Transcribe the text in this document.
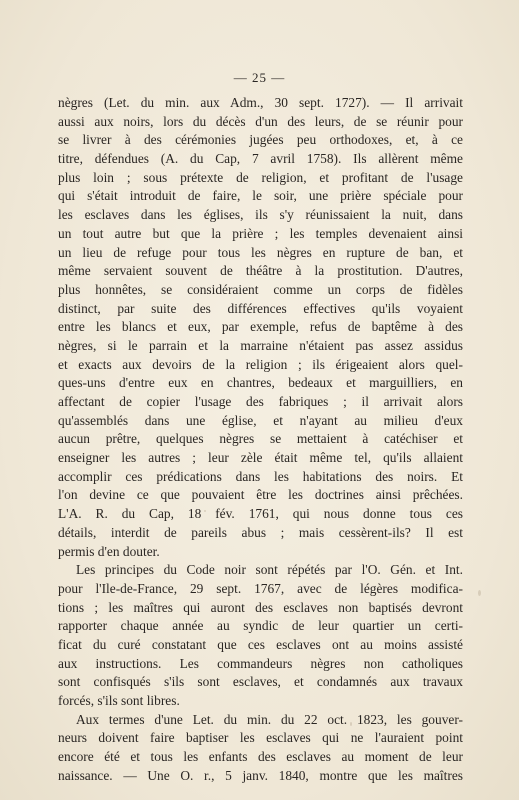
— 25 —
nègres (Let. du min. aux Adm., 30 sept. 1727). — Il arrivait
aussi aux noirs, lors du décès d'un des leurs, de se réunir pour
se livrer à des cérémonies jugées peu orthodoxes, et, à ce
titre, défendues (A. du Cap, 7 avril 1758). Ils allèrent même
plus loin ; sous prétexte de religion, et profitant de l'usage
qui s'était introduit de faire, le soir, une prière spéciale pour
les esclaves dans les églises, ils s'y réunissaient la nuit, dans
un tout autre but que la prière ; les temples devenaient ainsi
un lieu de refuge pour tous les nègres en rupture de ban, et
même servaient souvent de théâtre à la prostitution. D'autres,
plus honnêtes, se considéraient comme un corps de fidèles
distinct, par suite des différences effectives qu'ils voyaient
entre les blancs et eux, par exemple, refus de baptême à des
nègres, si le parrain et la marraine n'étaient pas assez assidus
et exacts aux devoirs de la religion ; ils érigeaient alors quel-
ques-uns d'entre eux en chantres, bedeaux et marguilliers, en
affectant de copier l'usage des fabriques ; il arrivait alors
qu'assemblés dans une église, et n'ayant au milieu d'eux
aucun prêtre, quelques nègres se mettaient à catéchiser et
enseigner les autres ; leur zèle était même tel, qu'ils allaient
accomplir ces prédications dans les habitations des noirs. Et
l'on devine ce que pouvaient être les doctrines ainsi prêchées.
L'A. R. du Cap, 18 fév. 1761, qui nous donne tous ces
détails, interdit de pareils abus ; mais cessèrent-ils? Il est
permis d'en douter.
Les principes du Code noir sont répétés par l'O. Gén. et Int.
pour l'Ile-de-France, 29 sept. 1767, avec de légères modifica-
tions ; les maîtres qui auront des esclaves non baptisés devront
rapporter chaque année au syndic de leur quartier un certi-
ficat du curé constatant que ces esclaves ont au moins assisté
aux instructions. Les commandeurs nègres non catholiques
sont confisqués s'ils sont esclaves, et condamnés aux travaux
forcés, s'ils sont libres.
Aux termes d'une Let. du min. du 22 oct. 1823, les gouver-
neurs doivent faire baptiser les esclaves qui ne l'auraient point
encore été et tous les enfants des esclaves au moment de leur
naissance. — Une O. r., 5 janv. 1840, montre que les maîtres
